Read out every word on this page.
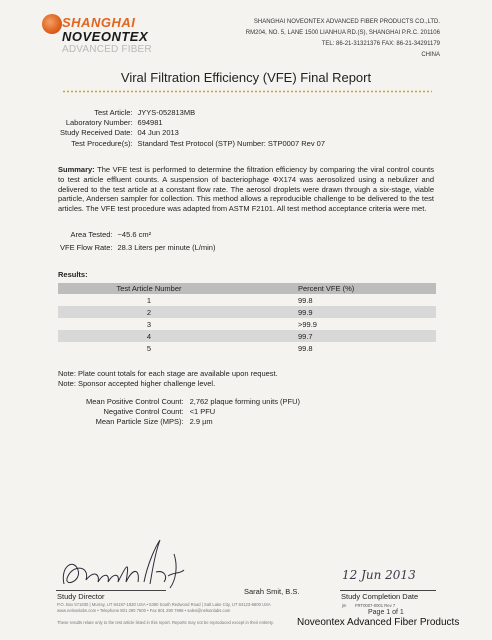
SHANGHAI
NOVEONTEX
ADVANCED FIBER
SHANGHAI NOVEONTEX ADVANCED FIBER PRODUCTS CO.,LTD.
RM204, NO. 5, LANE 1500 LIANHUA RD.(S), SHANGHAI P.R.C. 201106
TEL: 86-21-31321376 FAX: 86-21-34291179
CHINA
Viral Filtration Efficiency (VFE) Final Report
Test Article:	JYYS-052813MB
Laboratory Number:	694981
Study Received Date:	04 Jun 2013
Test Procedure(s):	Standard Test Protocol (STP) Number: STP0007 Rev 07
Summary: The VFE test is performed to determine the filtration efficiency by comparing the viral control counts to test article effluent counts. A suspension of bacteriophage ΦX174 was aerosolized using a nebulizer and delivered to the test article at a constant flow rate. The aerosol droplets were drawn through a six-stage, viable particle, Andersen sampler for collection. This method allows a reproducible challenge to be delivered to the test articles. The VFE test procedure was adapted from ASTM F2101. All test method acceptance criteria were met.
Area Tested:	~45.6 cm²
VFE Flow Rate:	28.3 Liters per minute (L/min)
Results:
Test Article Number	Percent VFE (%)
1	99.8
2	99.9
3	>99.9
4	99.7
5	99.8
Note: Plate count totals for each stage are available upon request.
Note: Sponsor accepted higher challenge level.
Mean Positive Control Count:	2,762 plaque forming units (PFU)
Negative Control Count:	<1 PFU
Mean Particle Size (MPS):	2.9 µm
Study Director
Sarah Smit, B.S.
12 Jun 2013
Study Completion Date
P.O. Box 571830 | Murray, UT 84157-1830 USA • 5390 South Redwood Road | Salt Lake City, UT 84123-6600 USA
www.nelsonlabs.com • Telephone 801 290 7500 • Fax 801 290 7998 • sales@nelsonlabs.com
These results relate only to the test article listed in this report. Reports may not be reproduced except in their entirety.
jm FRT0007-0001 Rev 7
Page 1 of 1
Noveontex Advanced Fiber Products
